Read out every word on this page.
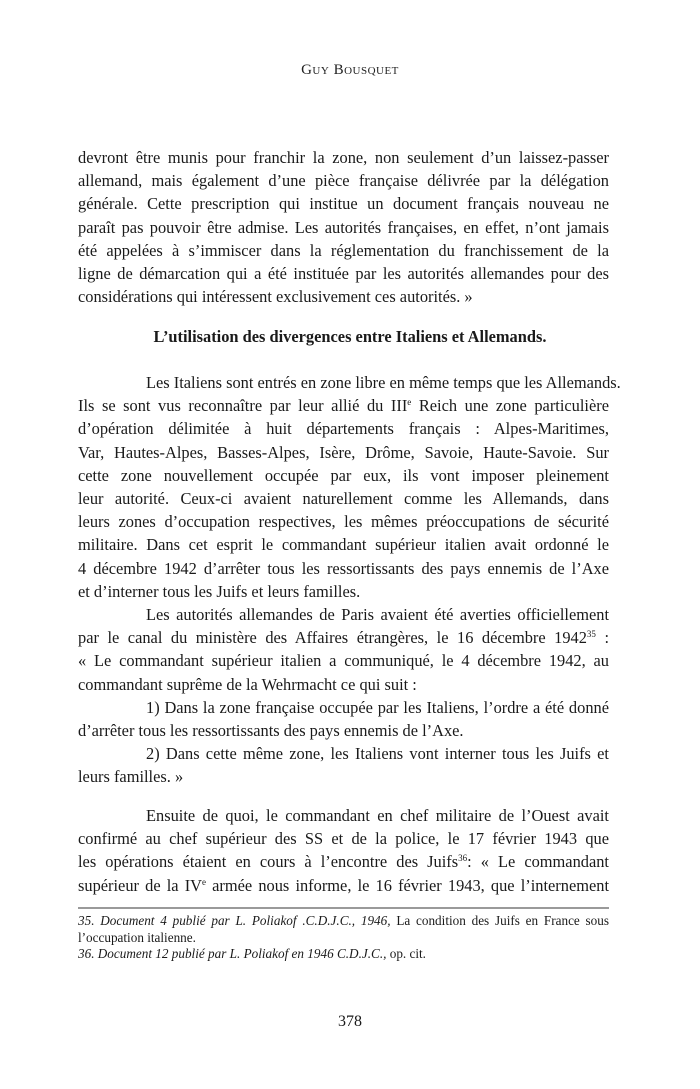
Guy Bousquet
devront être munis pour franchir la zone, non seulement d’un laissez-passer
allemand, mais également d’une pièce française délivrée par la délégation
générale. Cette prescription qui institue un document français nouveau ne
paraît pas pouvoir être admise. Les autorités françaises, en effet, n’ont jamais
été appelées à s’immiscer dans la réglementation du franchissement de la
ligne de démarcation qui a été instituée par les autorités allemandes pour des
considérations qui intéressent exclusivement ces autorités. »
L’utilisation des divergences entre Italiens et Allemands.
Les Italiens sont entrés en zone libre en même temps que les Allemands.
Ils se sont vus reconnaître par leur allié du IIIe Reich une zone particulière
d’opération délimitée à huit départements français : Alpes-Maritimes,
Var, Hautes-Alpes, Basses-Alpes, Isère, Drôme, Savoie, Haute-Savoie. Sur
cette zone nouvellement occupée par eux, ils vont imposer pleinement
leur autorité. Ceux-ci avaient naturellement comme les Allemands, dans
leurs zones d’occupation respectives, les mêmes préoccupations de sécurité
militaire. Dans cet esprit le commandant supérieur italien avait ordonné le
4 décembre 1942 d’arrêter tous les ressortissants des pays ennemis de l’Axe
et d’interner tous les Juifs et leurs familles.
Les autorités allemandes de Paris avaient été averties officiellement
par le canal du ministère des Affaires étrangères, le 16 décembre 1942$^{35}$ :
« Le commandant supérieur italien a communiqué, le 4 décembre 1942, au
commandant suprême de la Wehrmacht ce qui suit :
1) Dans la zone française occupée par les Italiens, l’ordre a été donné
d’arrêter tous les ressortissants des pays ennemis de l’Axe.
2) Dans cette même zone, les Italiens vont interner tous les Juifs et
leurs familles. »
Ensuite de quoi, le commandant en chef militaire de l’Ouest avait
confirmé au chef supérieur des SS et de la police, le 17 février 1943 que
les opérations étaient en cours à l’encontre des Juifs$^{36}$: « Le commandant
supérieur de la IVe armée nous informe, le 16 février 1943, que l’internement
35. Document 4 publié par L. Poliakof .C.D.J.C., 1946, La condition des Juifs en France sous
l’occupation italienne.
36. Document 12 publié par L. Poliakof en 1946 C.D.J.C., op. cit.
378
